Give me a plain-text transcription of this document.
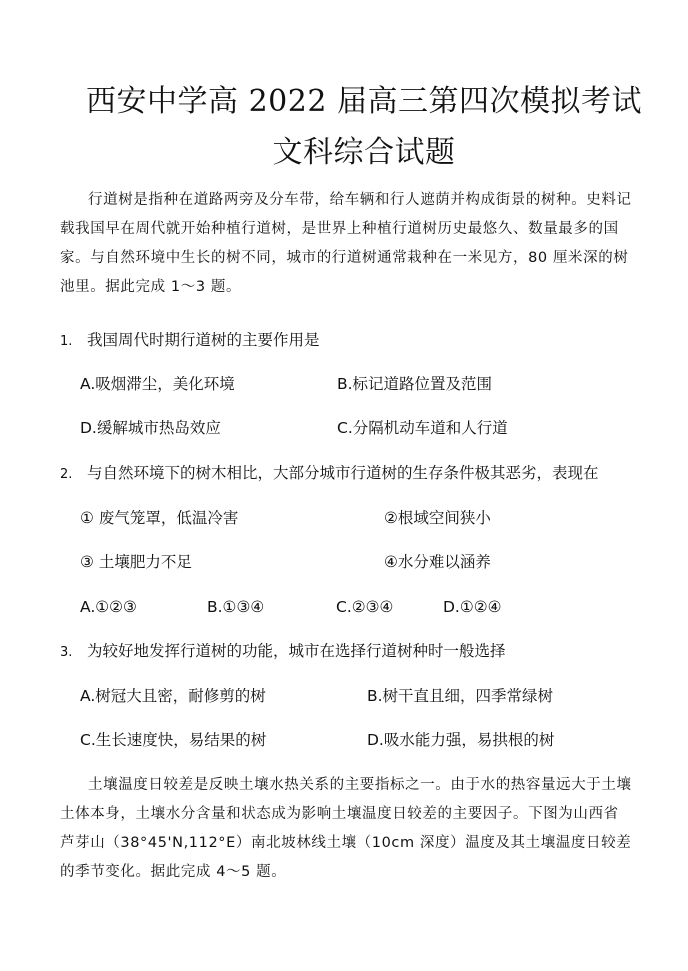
西安中学高 2022 届高三第四次模拟考试
文科综合试题
行道树是指种在道路两旁及分车带，给车辆和行人遮荫并构成街景的树种。史料记载我国早在周代就开始种植行道树，是世界上种植行道树历史最悠久、数量最多的国家。与自然环境中生长的树不同，城市的行道树通常栽种在一米见方，80 厘米深的树池里。据此完成 1～3 题。
1. 我国周代时期行道树的主要作用是
A.吸烟滞尘，美化环境	B.标记道路位置及范围
D.缓解城市热岛效应	C.分隔机动车道和人行道
2. 与自然环境下的树木相比，大部分城市行道树的生存条件极其恶劣，表现在
① 废气笼罩，低温冷害	②根域空间狭小
③ 土壤肥力不足	④水分难以涵养
A.①②③	B.①③④	C.②③④	D.①②④
3. 为较好地发挥行道树的功能，城市在选择行道树种时一般选择
A.树冠大且密，耐修剪的树	B.树干直且细，四季常绿树
C.生长速度快，易结果的树	D.吸水能力强，易拱根的树
土壤温度日较差是反映土壤水热关系的主要指标之一。由于水的热容量远大于土壤土体本身，土壤水分含量和状态成为影响土壤温度日较差的主要因子。下图为山西省芦芽山（38°45'N,112°E）南北坡林线土壤（10cm 深度）温度及其土壤温度日较差的季节变化。据此完成 4～5 题。
